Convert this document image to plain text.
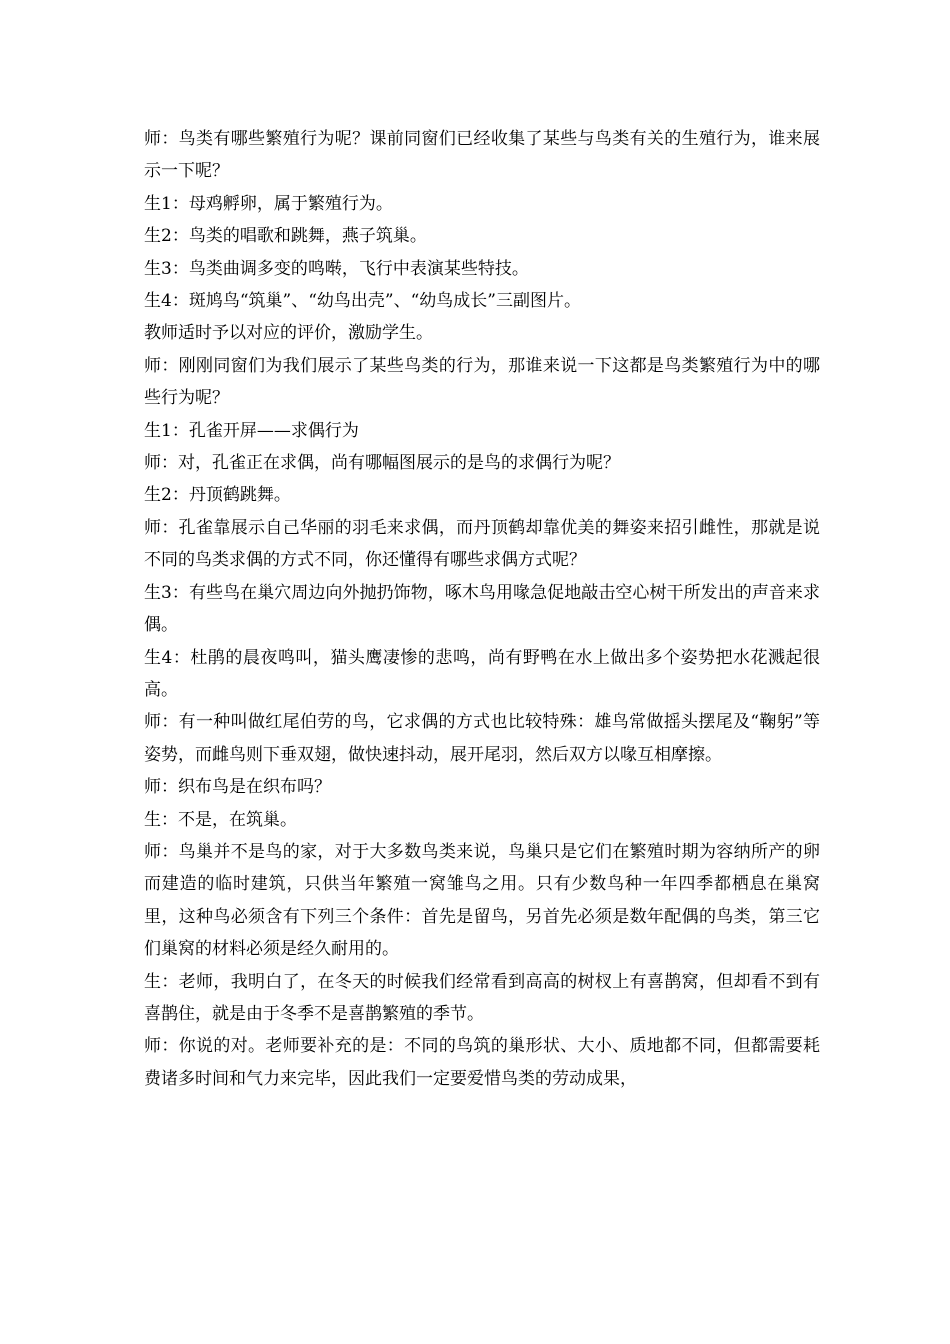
师：鸟类有哪些繁殖行为呢？课前同窗们已经收集了某些与鸟类有关的生殖行为，谁来展示一下呢？

生1：母鸡孵卵，属于繁殖行为。

生2：鸟类的唱歌和跳舞，燕子筑巢。

生3：鸟类曲调多变的鸣啭，飞行中表演某些特技。

生4：斑鸠鸟“筑巢”、“幼鸟出壳”、“幼鸟成长”三副图片。

教师适时予以对应的评价，激励学生。

师：刚刚同窗们为我们展示了某些鸟类的行为，那谁来说一下这都是鸟类繁殖行为中的哪些行为呢？

生1：孔雀开屏——求偶行为

师：对，孔雀正在求偶，尚有哪幅图展示的是鸟的求偶行为呢？

生2：丹顶鹤跳舞。

师：孔雀靠展示自己华丽的羽毛来求偶，而丹顶鹤却靠优美的舞姿来招引雌性，那就是说不同的鸟类求偶的方式不同，你还懂得有哪些求偶方式呢？

生3：有些鸟在巢穴周边向外抛扔饰物，啄木鸟用喙急促地敲击空心树干所发出的声音来求偶。

生4：杜鹃的晨夜鸣叫，猫头鹰凄惨的悲鸣，尚有野鸭在水上做出多个姿势把水花溅起很高。

师：有一种叫做红尾伯劳的鸟，它求偶的方式也比较特殊：雄鸟常做摇头摆尾及“鞠躬”等姿势，而雌鸟则下垂双翅，做快速抖动，展开尾羽，然后双方以喙互相摩擦。

师：织布鸟是在织布吗？

生：不是，在筑巢。

师：鸟巢并不是鸟的家，对于大多数鸟类来说，鸟巢只是它们在繁殖时期为容纳所产的卵而建造的临时建筑，只供当年繁殖一窝雏鸟之用。只有少数鸟种一年四季都栖息在巢窝里，这种鸟必须含有下列三个条件：首先是留鸟，另首先必须是数年配偶的鸟类，第三它们巢窝的材料必须是经久耐用的。

生：老师，我明白了，在冬天的时候我们经常看到高高的树杈上有喜鹊窝，但却看不到有喜鹊住，就是由于冬季不是喜鹊繁殖的季节。

师：你说的对。老师要补充的是：不同的鸟筑的巢形状、大小、质地都不同，但都需要耗费诸多时间和气力来完毕，因此我们一定要爱惜鸟类的劳动成果，
